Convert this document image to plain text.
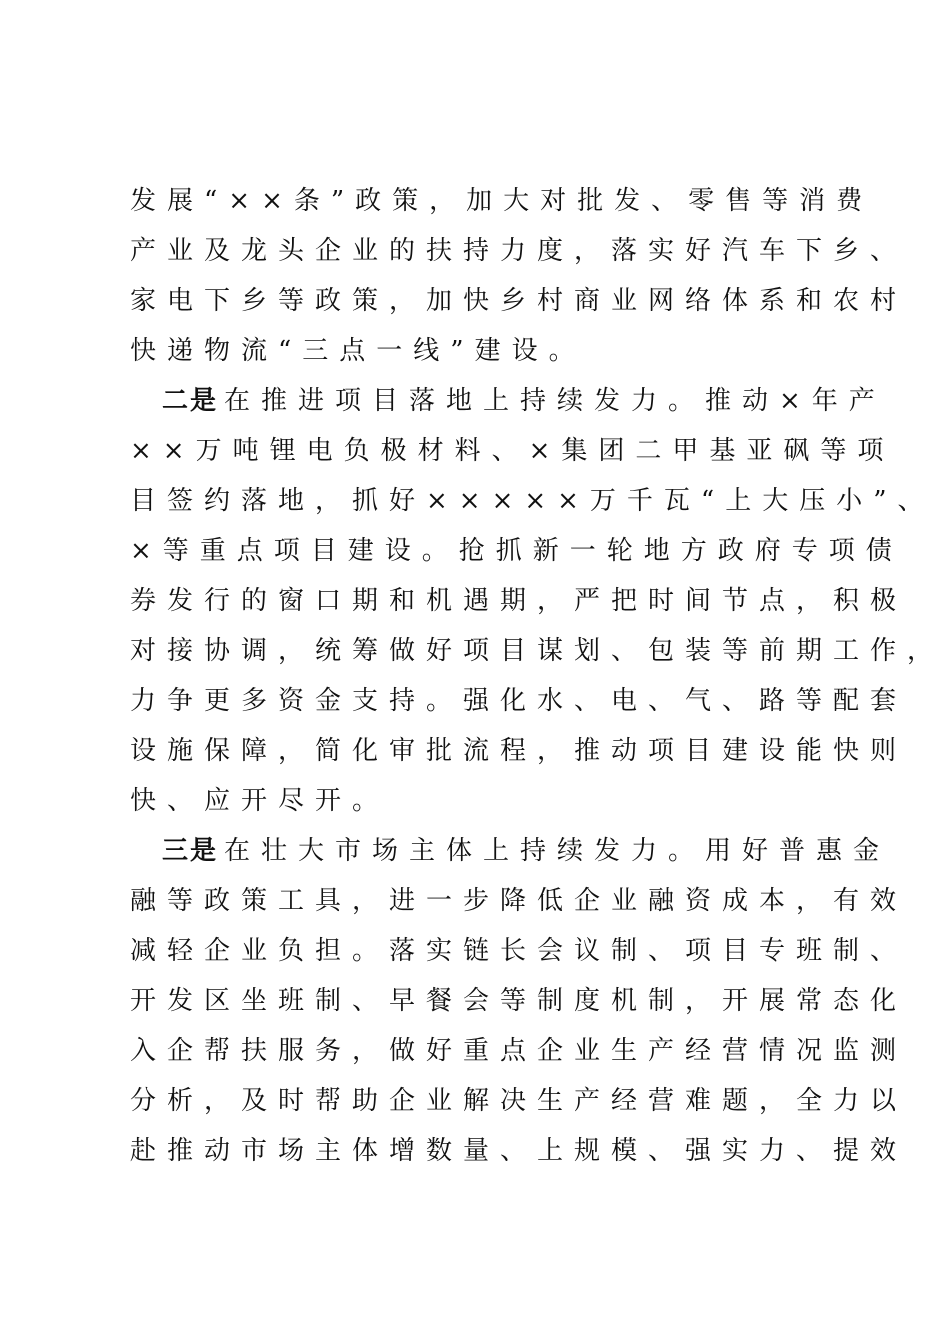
发展“××条”政策，加大对批发、零售等消费
产业及龙头企业的扶持力度，落实好汽车下乡、
家电下乡等政策，加快乡村商业网络体系和农村
快递物流“三点一线”建设。
二是 在推进项目落地上持续发力。推动×年产
××万吨锂电负极材料、×集团二甲基亚砜等项
目签约落地，抓好×××××万千瓦“上大压小”、
×等重点项目建设。抢抓新一轮地方政府专项债
券发行的窗口期和机遇期，严把时间节点，积极
对接协调，统筹做好项目谋划、包装等前期工作，
力争更多资金支持。强化水、电、气、路等配套
设施保障，简化审批流程，推动项目建设能快则
快、应开尽开。
三是 在壮大市场主体上持续发力。用好普惠金
融等政策工具，进一步降低企业融资成本，有效
减轻企业负担。落实链长会议制、项目专班制、
开发区坐班制、早餐会等制度机制，开展常态化
入企帮扶服务，做好重点企业生产经营情况监测
分析，及时帮助企业解决生产经营难题，全力以
赴推动市场主体增数量、上规模、强实力、提效
